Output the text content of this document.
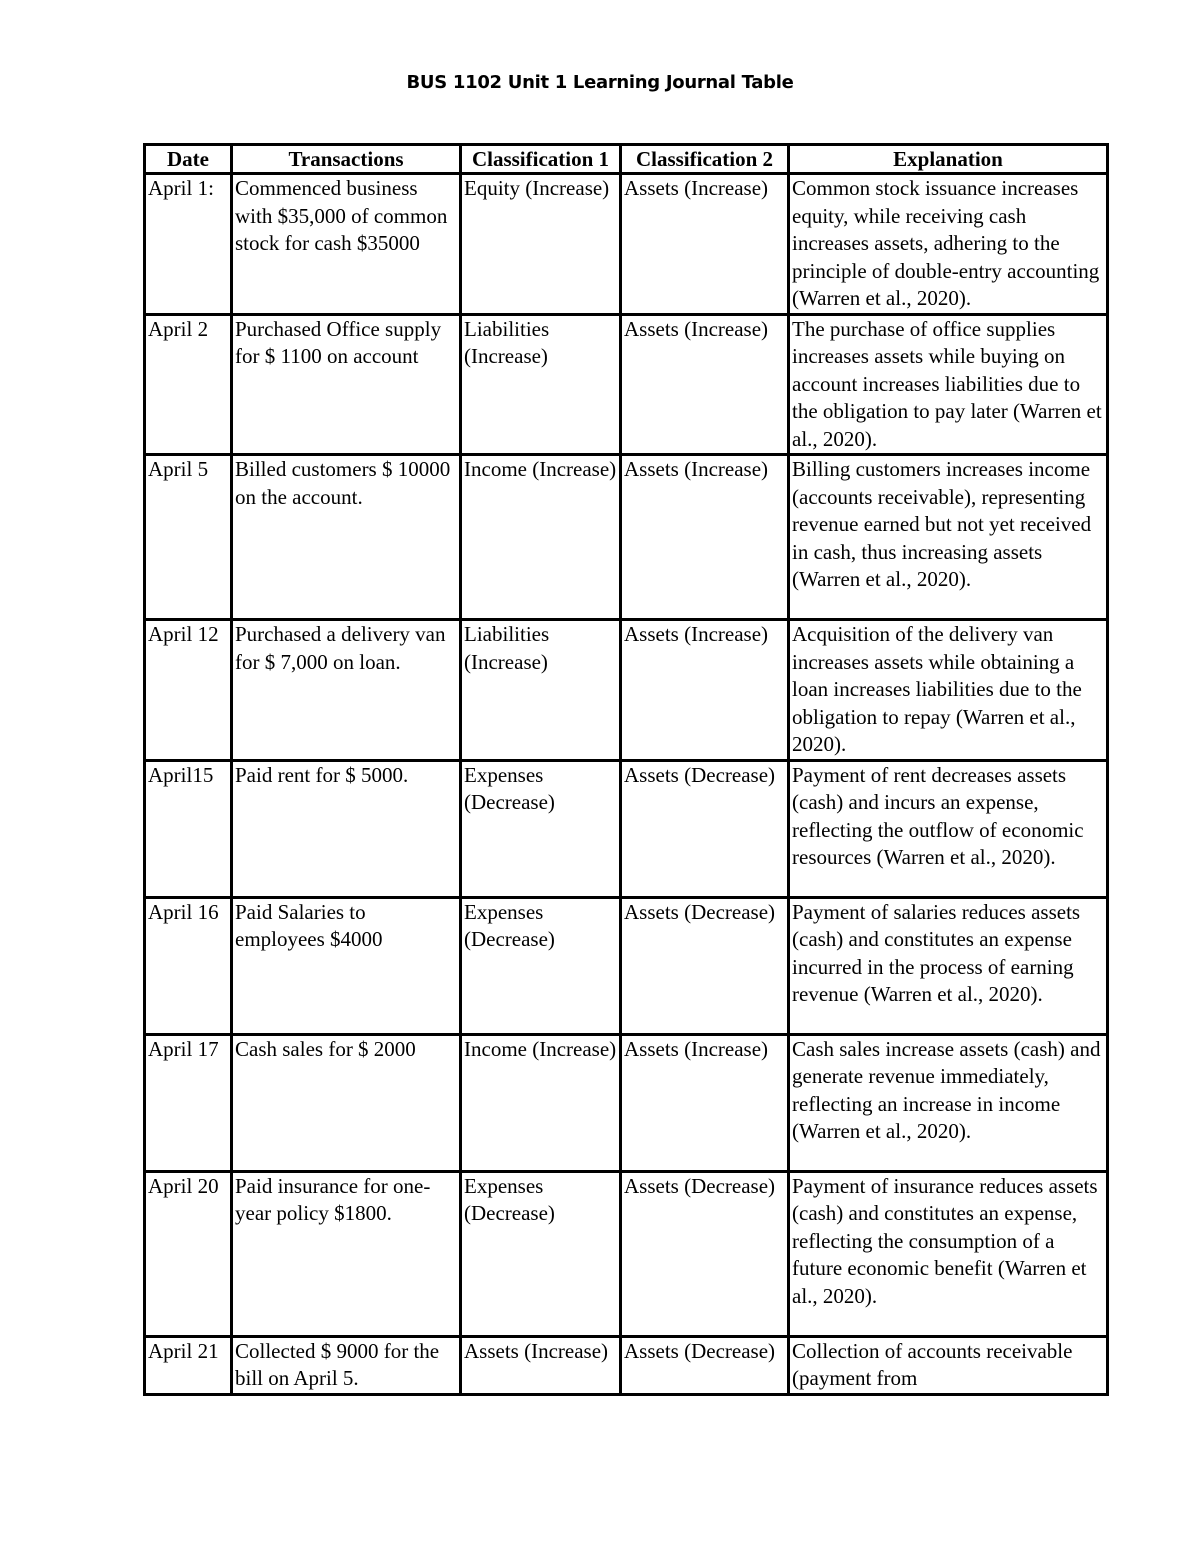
BUS 1102 Unit 1 Learning Journal Table
Date	Transactions	Classification 1	Classification 2	Explanation
April 1:	Commenced business with $35,000 of common stock for cash $35000	Equity (Increase)	Assets (Increase)	Common stock issuance increases equity, while receiving cash increases assets, adhering to the principle of double-entry accounting (Warren et al., 2020).
April 2	Purchased Office supply for $ 1100 on account	Liabilities (Increase)	Assets (Increase)	The purchase of office supplies increases assets while buying on account increases liabilities due to the obligation to pay later (Warren et al., 2020).
April 5	Billed customers $ 10000 on the account.	Income (Increase)	Assets (Increase)	Billing customers increases income (accounts receivable), representing revenue earned but not yet received in cash, thus increasing assets (Warren et al., 2020).
April 12	Purchased a delivery van for $ 7,000 on loan.	Liabilities (Increase)	Assets (Increase)	Acquisition of the delivery van increases assets while obtaining a loan increases liabilities due to the obligation to repay (Warren et al., 2020).
April15	Paid rent for $ 5000.	Expenses (Decrease)	Assets (Decrease)	Payment of rent decreases assets (cash) and incurs an expense, reflecting the outflow of economic resources (Warren et al., 2020).
April 16	Paid Salaries to employees $4000	Expenses (Decrease)	Assets (Decrease)	Payment of salaries reduces assets (cash) and constitutes an expense incurred in the process of earning revenue (Warren et al., 2020).
April 17	Cash sales for $ 2000	Income (Increase)	Assets (Increase)	Cash sales increase assets (cash) and generate revenue immediately, reflecting an increase in income (Warren et al., 2020).
April 20	Paid insurance for one-year policy $1800.	Expenses (Decrease)	Assets (Decrease)	Payment of insurance reduces assets (cash) and constitutes an expense, reflecting the consumption of a future economic benefit (Warren et al., 2020).
April 21	Collected $ 9000 for the bill on April 5.	Assets (Increase)	Assets (Decrease)	Collection of accounts receivable (payment from
